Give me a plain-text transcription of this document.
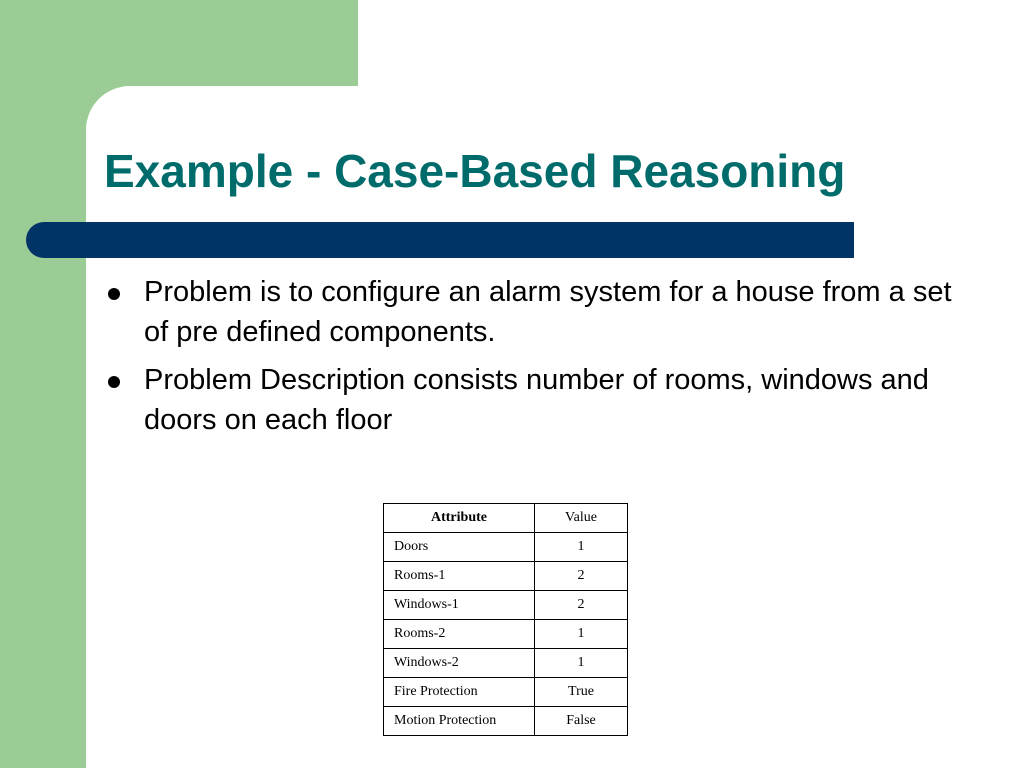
Example - Case-Based Reasoning
Problem is to configure an alarm system for a house from a set of pre defined components.
Problem Description consists number of rooms, windows and doors on each floor
Attribute	Value
Doors	1
Rooms-1	2
Windows-1	2
Rooms-2	1
Windows-2	1
Fire Protection	True
Motion Protection	False
